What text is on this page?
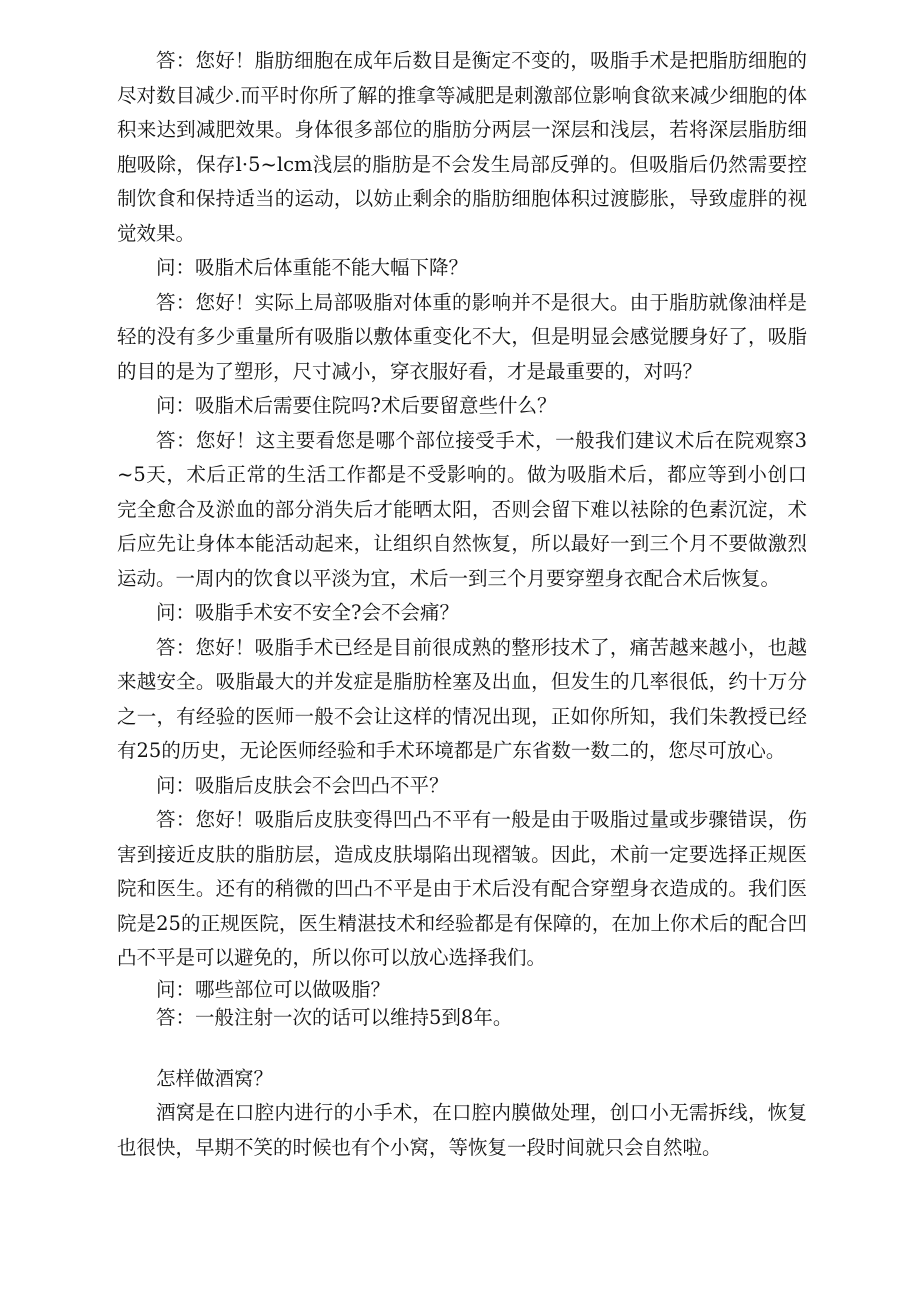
答：您好！脂肪细胞在成年后数目是衡定不变的，吸脂手术是把脂肪细胞的尽对数目减少.而平时你所了解的推拿等减肥是刺激部位影响食欲来减少细胞的体积来达到减肥效果。身体很多部位的脂肪分两层一深层和浅层，若将深层脂肪细胞吸除，保存l·5~lcm浅层的脂肪是不会发生局部反弹的。但吸脂后仍然需要控制饮食和保持适当的运动，以妨止剩余的脂肪细胞体积过渡膨胀，导致虚胖的视觉效果。

问：吸脂术后体重能不能大幅下降？

答：您好！实际上局部吸脂对体重的影响并不是很大。由于脂肪就像油样是轻的没有多少重量所有吸脂以敷体重变化不大，但是明显会感觉腰身好了，吸脂的目的是为了塑形，尺寸减小，穿衣服好看，才是最重要的，对吗？

问：吸脂术后需要住院吗?术后要留意些什么？

答：您好！这主要看您是哪个部位接受手术，一般我们建议术后在院观察3~5天，术后正常的生活工作都是不受影响的。做为吸脂术后，都应等到小创口完全愈合及淤血的部分消失后才能晒太阳，否则会留下难以袪除的色素沉淀，术后应先让身体本能活动起来，让组织自然恢复，所以最好一到三个月不要做激烈运动。一周内的饮食以平淡为宜，术后一到三个月要穿塑身衣配合术后恢复。

问：吸脂手术安不安全?会不会痛？

答：您好！吸脂手术已经是目前很成熟的整形技术了，痛苦越来越小，也越来越安全。吸脂最大的并发症是脂肪栓塞及出血，但发生的几率很低，约十万分之一，有经验的医师一般不会让这样的情况出现，正如你所知，我们朱教授已经有25的历史，无论医师经验和手术环境都是广东省数一数二的，您尽可放心。

问：吸脂后皮肤会不会凹凸不平？

答：您好！吸脂后皮肤变得凹凸不平有一般是由于吸脂过量或步骤错误，伤害到接近皮肤的脂肪层，造成皮肤塌陷出现褶皱。因此，术前一定要选择正规医院和医生。还有的稍微的凹凸不平是由于术后没有配合穿塑身衣造成的。我们医院是25的正规医院，医生精湛技术和经验都是有保障的，在加上你术后的配合凹凸不平是可以避免的，所以你可以放心选择我们。

问：哪些部位可以做吸脂？

答：一般注射一次的话可以维持5到8年。

怎样做酒窝？

酒窝是在口腔内进行的小手术，在口腔内膜做处理，创口小无需拆线，恢复也很快，早期不笑的时候也有个小窝，等恢复一段时间就只会自然啦。
